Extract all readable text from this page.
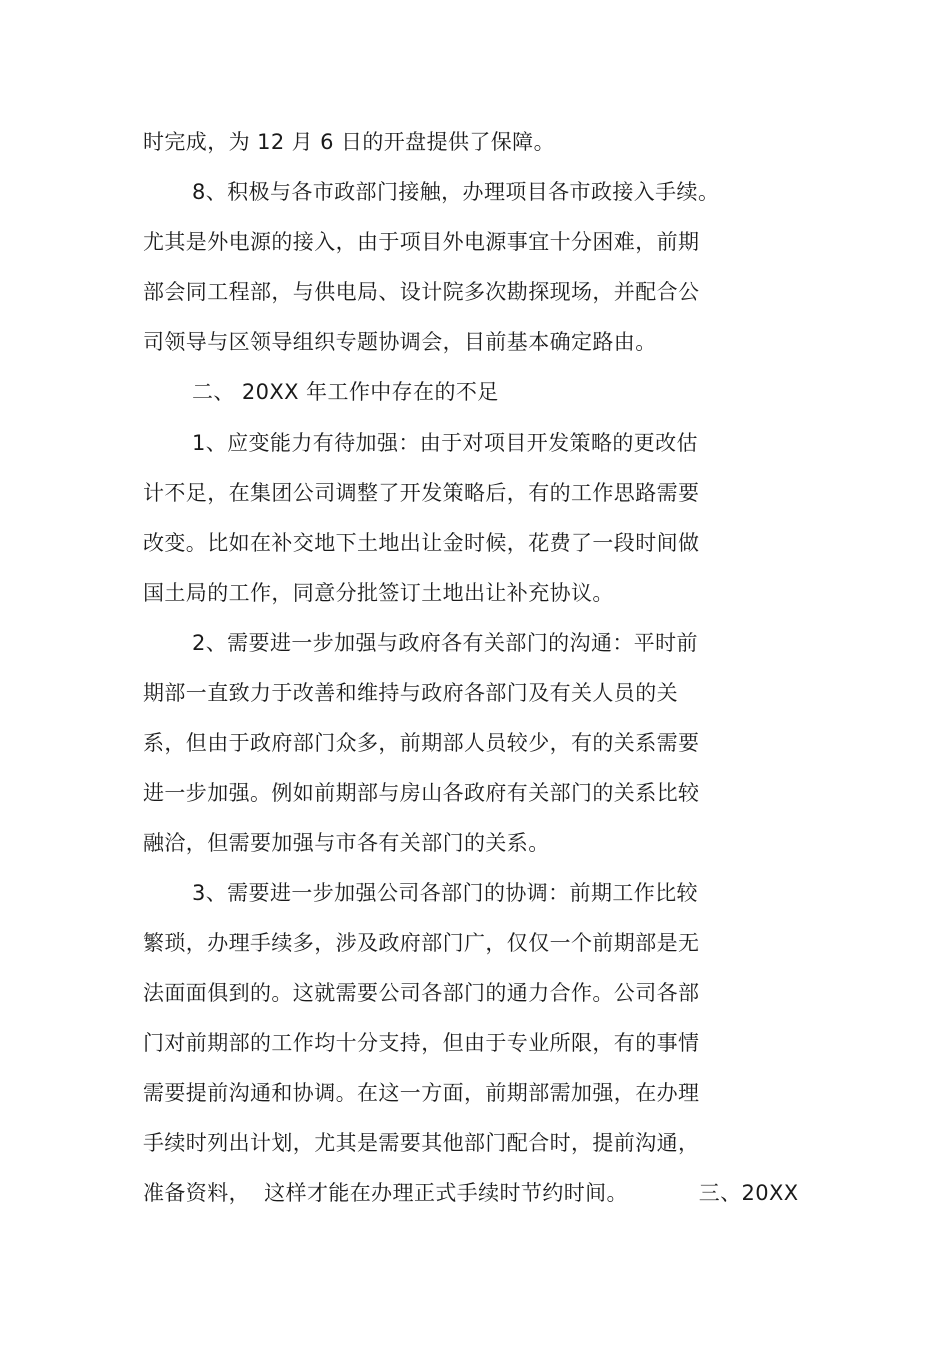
时完成，为 12 月 6 日的开盘提供了保障。
8、积极与各市政部门接触，办理项目各市政接入手续。
尤其是外电源的接入，由于项目外电源事宜十分困难，前期
部会同工程部，与供电局、设计院多次勘探现场，并配合公
司领导与区领导组织专题协调会，目前基本确定路由。
二、 20XX 年工作中存在的不足
1、应变能力有待加强：由于对项目开发策略的更改估
计不足，在集团公司调整了开发策略后，有的工作思路需要
改变。比如在补交地下土地出让金时候，花费了一段时间做
国土局的工作，同意分批签订土地出让补充协议。
2、需要进一步加强与政府各有关部门的沟通：平时前
期部一直致力于改善和维持与政府各部门及有关人员的关
系，但由于政府部门众多，前期部人员较少，有的关系需要
进一步加强。例如前期部与房山各政府有关部门的关系比较
融洽，但需要加强与市各有关部门的关系。
3、需要进一步加强公司各部门的协调：前期工作比较
繁琐，办理手续多，涉及政府部门广，仅仅一个前期部是无
法面面俱到的。这就需要公司各部门的通力合作。公司各部
门对前期部的工作均十分支持，但由于专业所限，有的事情
需要提前沟通和协调。在这一方面，前期部需加强，在办理
手续时列出计划，尤其是需要其他部门配合时，提前沟通，
准备资料，  这样才能在办理正式手续时节约时间。          三、20XX
